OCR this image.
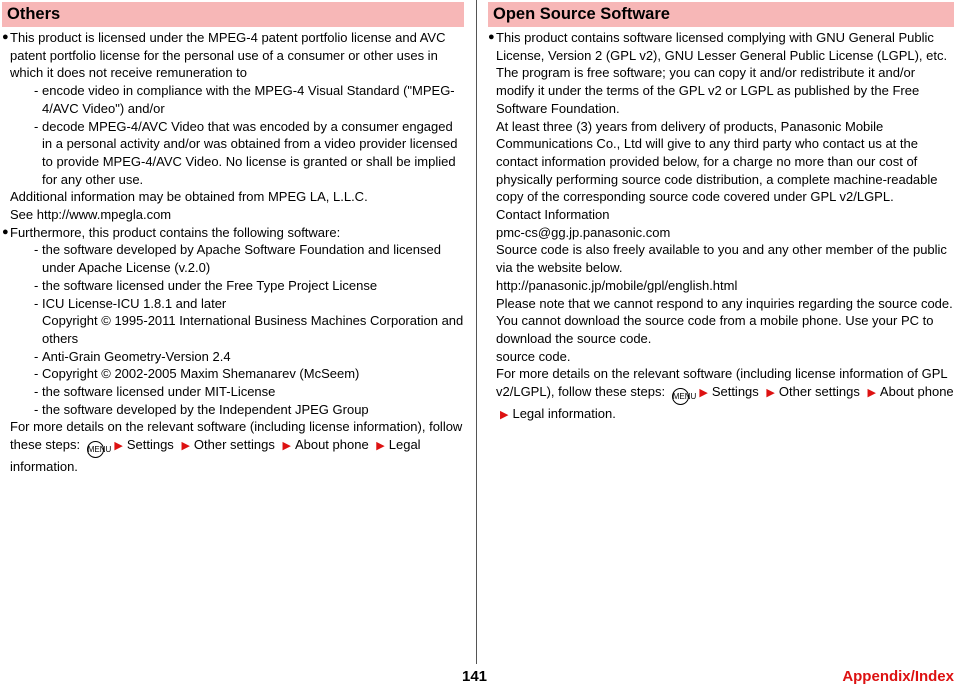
Others
● This product is licensed under the MPEG-4 patent portfolio license and AVC patent portfolio license for the personal use of a consumer or other uses in which it does not receive remuneration to
- encode video in compliance with the MPEG-4 Visual Standard ("MPEG-4/AVC Video") and/or
- decode MPEG-4/AVC Video that was encoded by a consumer engaged in a personal activity and/or was obtained from a video provider licensed to provide MPEG-4/AVC Video. No license is granted or shall be implied for any other use.
Additional information may be obtained from MPEG LA, L.L.C.
See http://www.mpegla.com
● Furthermore, this product contains the following software:
- the software developed by Apache Software Foundation and licensed under Apache License (v.2.0)
- the software licensed under the Free Type Project License
- ICU License-ICU 1.8.1 and later
Copyright © 1995-2011 International Business Machines Corporation and others
- Anti-Grain Geometry-Version 2.4
- Copyright © 2002-2005 Maxim Shemanarev (McSeem)
- the software licensed under MIT-License
- the software developed by the Independent JPEG Group
For more details on the relevant software (including license information), follow these steps: MENU ▶ Settings ▶ Other settings ▶ About phone ▶ Legal information.
Open Source Software
● This product contains software licensed complying with GNU General Public License, Version 2 (GPL v2), GNU Lesser General Public License (LGPL), etc. The program is free software; you can copy it and/or redistribute it and/or modify it under the terms of the GPL v2 or LGPL as published by the Free Software Foundation.
At least three (3) years from delivery of products, Panasonic Mobile Communications Co., Ltd will give to any third party who contact us at the contact information provided below, for a charge no more than our cost of physically performing source code distribution, a complete machine-readable copy of the corresponding source code covered under GPL v2/LGPL.
Contact Information
pmc-cs@gg.jp.panasonic.com
Source code is also freely available to you and any other member of the public via the website below.
http://panasonic.jp/mobile/gpl/english.html
Please note that we cannot respond to any inquiries regarding the source code. You cannot download the source code from a mobile phone. Use your PC to download the source code.
source code.
For more details on the relevant software (including license information of GPL v2/LGPL), follow these steps: MENU ▶ Settings ▶ Other settings ▶ About phone ▶ Legal information.
141	Appendix/Index
